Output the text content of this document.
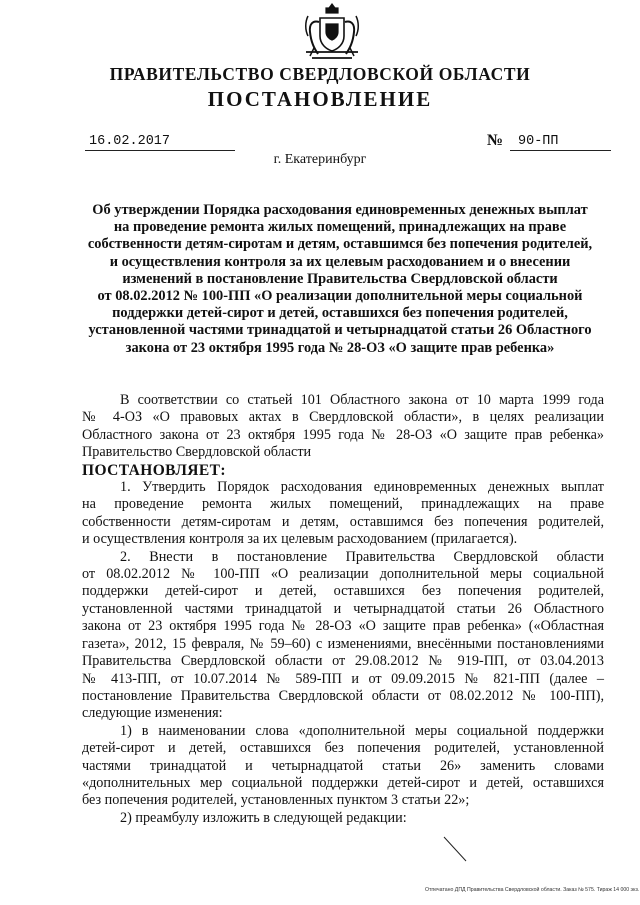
ПРАВИТЕЛЬСТВО СВЕРДЛОВСКОЙ ОБЛАСТИ
ПОСТАНОВЛЕНИЕ
16.02.2017	№	90-ПП
г. Екатеринбург
Об утверждении Порядка расходования единовременных денежных выплат
на проведение ремонта жилых помещений, принадлежащих на праве
собственности детям-сиротам и детям, оставшимся без попечения родителей,
и осуществления контроля за их целевым расходованием и о внесении
изменений в постановление Правительства Свердловской области
от 08.02.2012 № 100-ПП «О реализации дополнительной меры социальной
поддержки детей-сирот и детей, оставшихся без попечения родителей,
установленной частями тринадцатой и четырнадцатой статьи 26 Областного
закона от 23 октября 1995 года № 28-ОЗ «О защите прав ребенка»
В соответствии со статьей 101 Областного закона от 10 марта 1999 года
№ 4-ОЗ «О правовых актах в Свердловской области», в целях реализации
Областного закона от 23 октября 1995 года № 28-ОЗ «О защите прав ребенка»
Правительство Свердловской области
ПОСТАНОВЛЯЕТ:
1. Утвердить Порядок расходования единовременных денежных выплат
на проведение ремонта жилых помещений, принадлежащих на праве
собственности детям-сиротам и детям, оставшимся без попечения родителей,
и осуществления контроля за их целевым расходованием (прилагается).
2. Внести в постановление Правительства Свердловской области
от 08.02.2012 № 100-ПП «О реализации дополнительной меры социальной
поддержки детей-сирот и детей, оставшихся без попечения родителей,
установленной частями тринадцатой и четырнадцатой статьи 26 Областного
закона от 23 октября 1995 года № 28-ОЗ «О защите прав ребенка» («Областная
газета», 2012, 15 февраля, № 59–60) с изменениями, внесёнными постановлениями
Правительства Свердловской области от 29.08.2012 № 919-ПП, от 03.04.2013
№ 413-ПП, от 10.07.2014 № 589-ПП и от 09.09.2015 № 821-ПП (далее –
постановление Правительства Свердловской области от 08.02.2012 № 100-ПП),
следующие изменения:
1) в наименовании слова «дополнительной меры социальной поддержки
детей-сирот и детей, оставшихся без попечения родителей, установленной
частями тринадцатой и четырнадцатой статьи 26» заменить словами
«дополнительных мер социальной поддержки детей-сирот и детей, оставшихся
без попечения родителей, установленных пунктом 3 статьи 22»;
2) преамбулу изложить в следующей редакции:
Отпечатано ДПД Правительства Свердловской области. Заказ № 575. Тираж 14 000 экз.
